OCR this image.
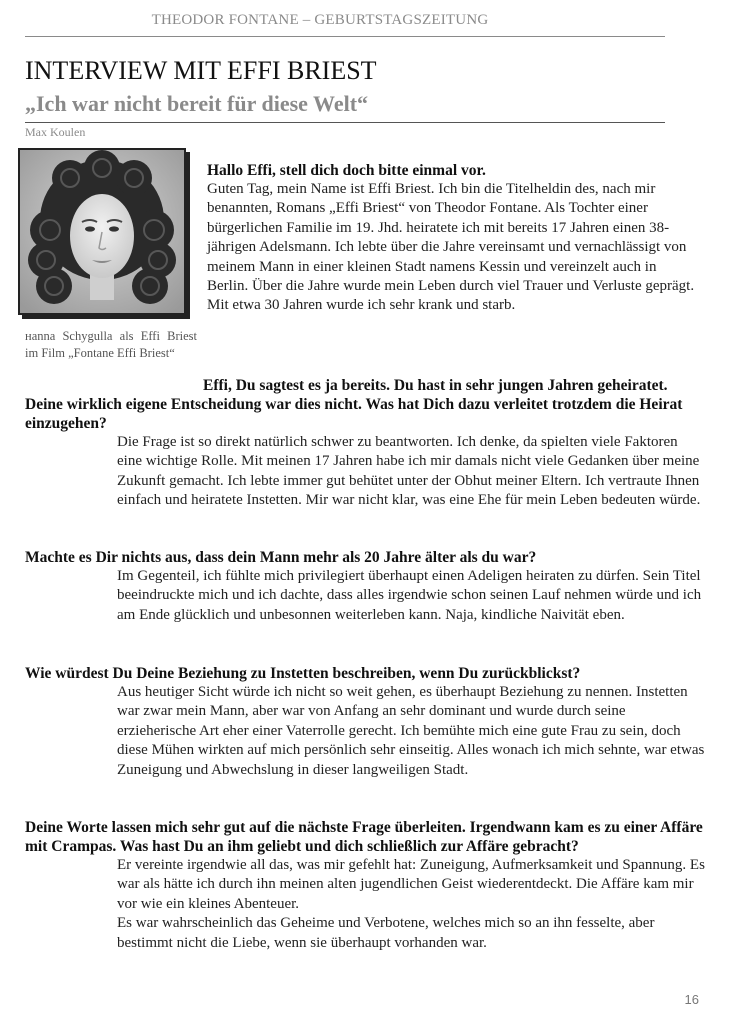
THEODOR FONTANE – GEBURTSTAGSZEITUNG
INTERVIEW MIT EFFI BRIEST
„Ich war nicht bereit für diese Welt“
Max Koulen
нanna Schygulla als Effi Briest im Film „Fontane Effi Briest“
Hallo Effi, stell dich doch bitte einmal vor.
Guten Tag, mein Name ist Effi Briest. Ich bin die Titelheldin des, nach mir benannten, Romans „Effi Briest“ von Theodor Fontane. Als Tochter einer bürgerlichen Familie im 19. Jhd. heiratete ich mit bereits 17 Jahren einen 38-jährigen Adelsmann. Ich lebte über die Jahre vereinsamt und vernachlässigt von meinem Mann in einer kleinen Stadt namens Kessin und vereinzelt auch in Berlin. Über die Jahre wurde mein Leben durch viel Trauer und Verluste geprägt. Mit etwa 30 Jahren wurde ich sehr krank und starb.
Effi, Du sagtest es ja bereits. Du hast in sehr jungen Jahren geheiratet. Deine wirklich eigene Entscheidung war dies nicht. Was hat Dich dazu verleitet trotzdem die Heirat einzugehen?
Die Frage ist so direkt natürlich schwer zu beantworten. Ich denke, da spielten viele Faktoren eine wichtige Rolle. Mit meinen 17 Jahren habe ich mir damals nicht viele Gedanken über meine Zukunft gemacht. Ich lebte immer gut behütet unter der Obhut meiner Eltern. Ich vertraute Ihnen einfach und heiratete Instetten. Mir war nicht klar, was eine Ehe für mein Leben bedeuten würde.
Machte es Dir nichts aus, dass dein Mann mehr als 20 Jahre älter als du war?
Im Gegenteil, ich fühlte mich privilegiert überhaupt einen Adeligen heiraten zu dürfen. Sein Titel beeindruckte mich und ich dachte, dass alles irgendwie schon seinen Lauf nehmen würde und ich am Ende glücklich und unbesonnen weiterleben kann. Naja, kindliche Naivität eben.
Wie würdest Du Deine Beziehung zu Instetten beschreiben, wenn Du zurückblickst?
Aus heutiger Sicht würde ich nicht so weit gehen, es überhaupt Beziehung zu nennen. Instetten war zwar mein Mann, aber war von Anfang an sehr dominant und wurde durch seine erzieherische Art eher einer Vaterrolle gerecht. Ich bemühte mich eine gute Frau zu sein, doch diese Mühen wirkten auf mich persönlich sehr einseitig. Alles wonach ich mich sehnte, war etwas Zuneigung und Abwechslung in dieser langweiligen Stadt.
Deine Worte lassen mich sehr gut auf die nächste Frage überleiten. Irgendwann kam es zu einer Affäre mit Crampas. Was hast Du an ihm geliebt und dich schließlich zur Affäre gebracht?
Er vereinte irgendwie all das, was mir gefehlt hat: Zuneigung, Aufmerksamkeit und Spannung. Es war als hätte ich durch ihn meinen alten jugendlichen Geist wiederentdeckt. Die Affäre kam mir vor wie ein kleines Abenteuer.
Es war wahrscheinlich das Geheime und Verbotene, welches mich so an ihn fesselte, aber bestimmt nicht die Liebe, wenn sie überhaupt vorhanden war.
16
